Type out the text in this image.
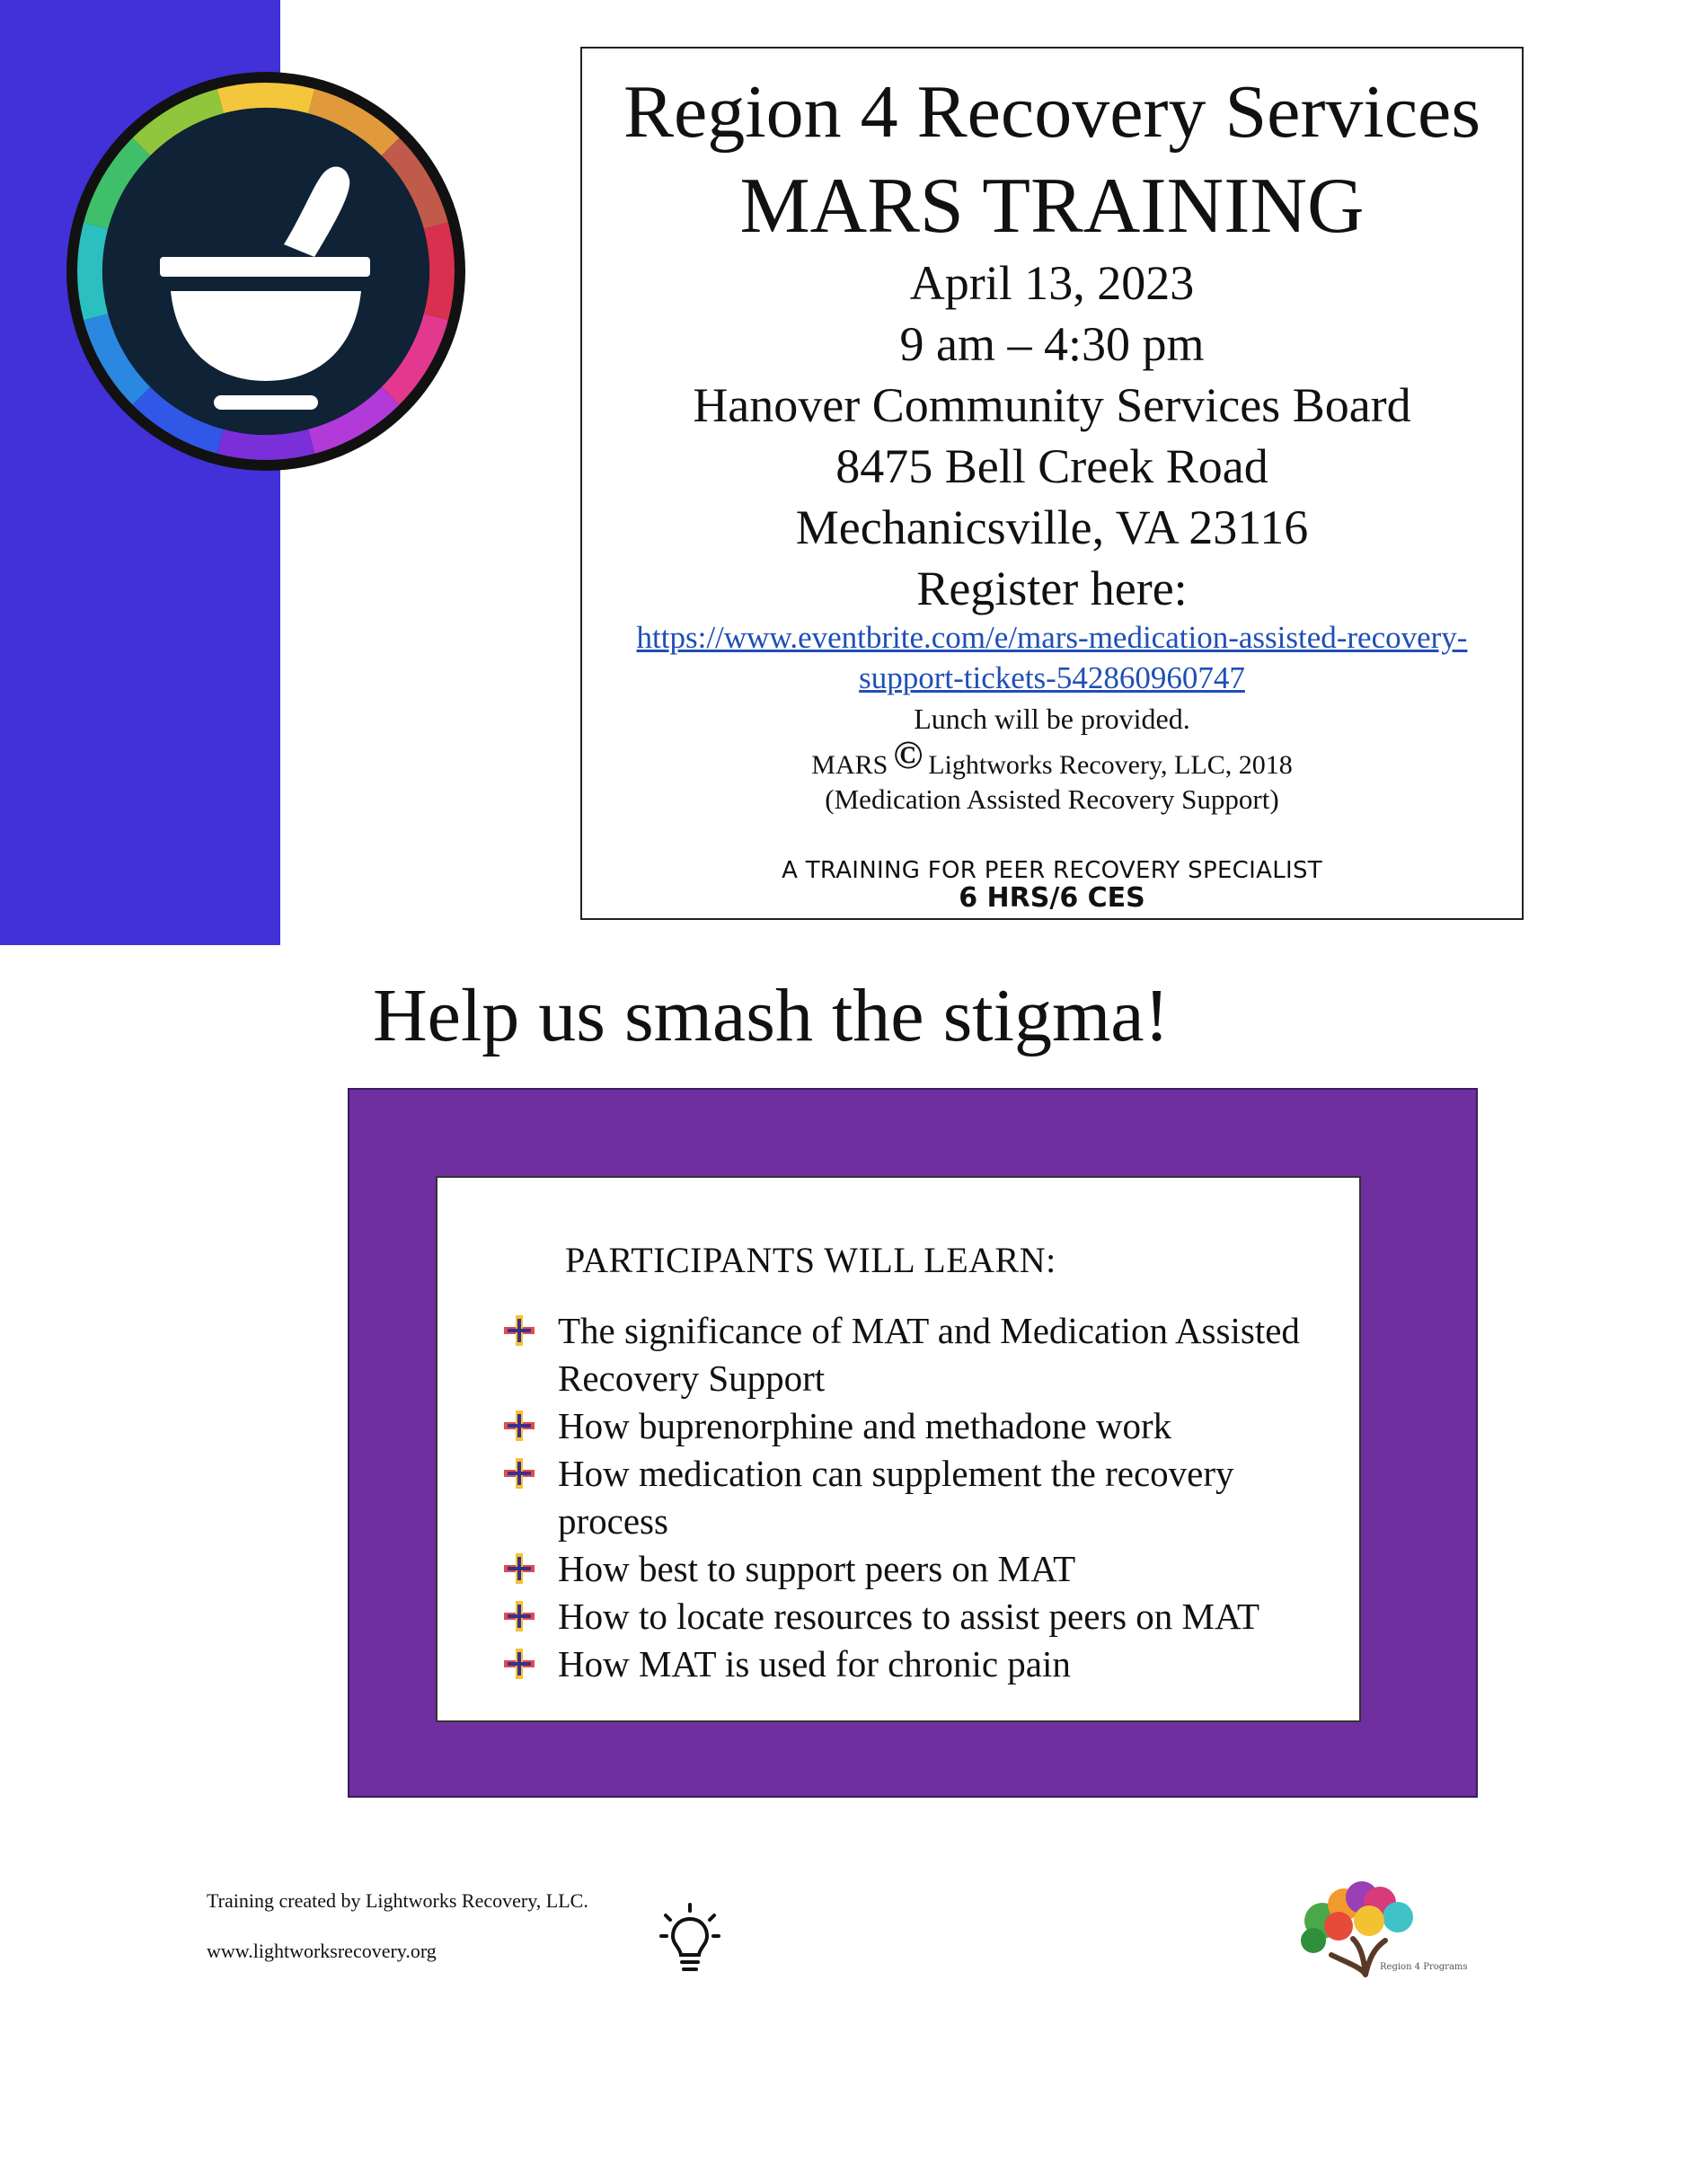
Region 4 Recovery Services
MARS TRAINING
April 13, 2023
9 am – 4:30 pm
Hanover Community Services Board
8475 Bell Creek Road
Mechanicsville, VA 23116
Register here:
https://www.eventbrite.com/e/mars-medication-assisted-recovery-
support-tickets-542860960747
Lunch will be provided.
MARS © Lightworks Recovery, LLC, 2018
(Medication Assisted Recovery Support)
A TRAINING FOR PEER RECOVERY SPECIALIST
6 HRS/6 CES
Help us smash the stigma!
PARTICIPANTS WILL LEARN:
The significance of MAT and Medication Assisted Recovery Support
How buprenorphine and methadone work
How medication can supplement the recovery process
How best to support peers on MAT
How to locate resources to assist peers on MAT
How MAT is used for chronic pain
Training created by Lightworks Recovery, LLC.
www.lightworksrecovery.org
Region 4 Programs
